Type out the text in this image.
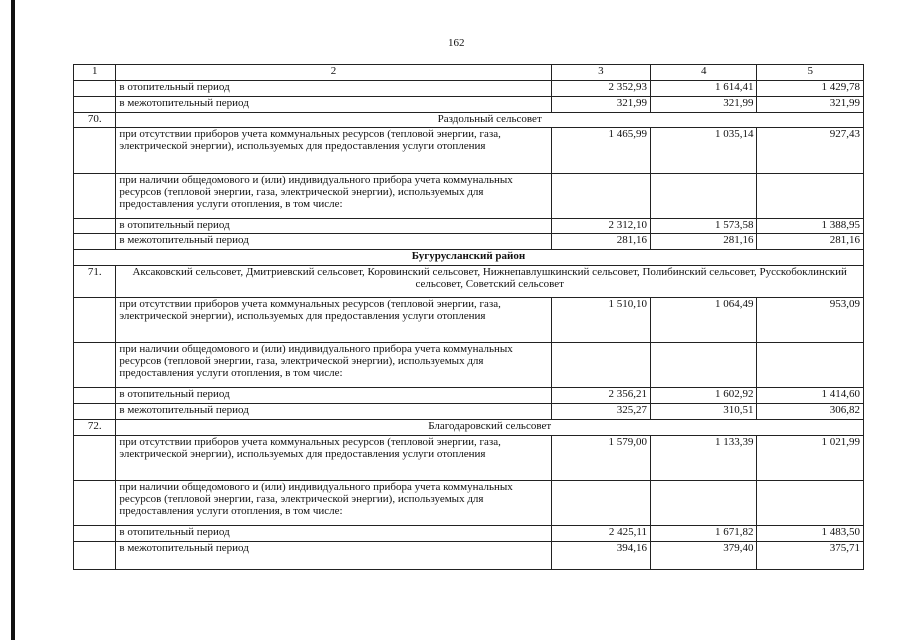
162
1	2	3	4	5
	в отопительный период	2 352,93	1 614,41	1 429,78
	в межотопительный период	321,99	321,99	321,99
70.	Раздольный сельсовет			
	при отсутствии приборов учета коммунальных ресурсов (тепловой энергии, газа, электрической энергии), используемых для предоставления услуги отопления	1 465,99	1 035,14	927,43
	при наличии общедомового и (или) индивидуального прибора учета коммунальных ресурсов (тепловой энергии, газа, электрической энергии), используемых для предоставления услуги отопления, в том числе:			
	в отопительный период	2 312,10	1 573,58	1 388,95
	в межотопительный период	281,16	281,16	281,16
Бугурусланский район				
71.	Аксаковский сельсовет, Дмитриевский сельсовет, Коровинский сельсовет, Нижнепавлушкинский сельсовет, Полибинский сельсовет, Русскобоклинский сельсовет, Советский сельсовет			
	при отсутствии приборов учета коммунальных ресурсов (тепловой энергии, газа, электрической энергии), используемых для предоставления услуги отопления	1 510,10	1 064,49	953,09
	при наличии общедомового и (или) индивидуального прибора учета коммунальных ресурсов (тепловой энергии, газа, электрической энергии), используемых для предоставления услуги отопления, в том числе:			
	в отопительный период	2 356,21	1 602,92	1 414,60
	в межотопительный период	325,27	310,51	306,82
72.	Благодаровский сельсовет			
	при отсутствии приборов учета коммунальных ресурсов (тепловой энергии, газа, электрической энергии), используемых для предоставления услуги отопления	1 579,00	1 133,39	1 021,99
	при наличии общедомового и (или) индивидуального прибора учета коммунальных ресурсов (тепловой энергии, газа, электрической энергии), используемых для предоставления услуги отопления, в том числе:			
	в отопительный период	2 425,11	1 671,82	1 483,50
	в межотопительный период	394,16	379,40	375,71
